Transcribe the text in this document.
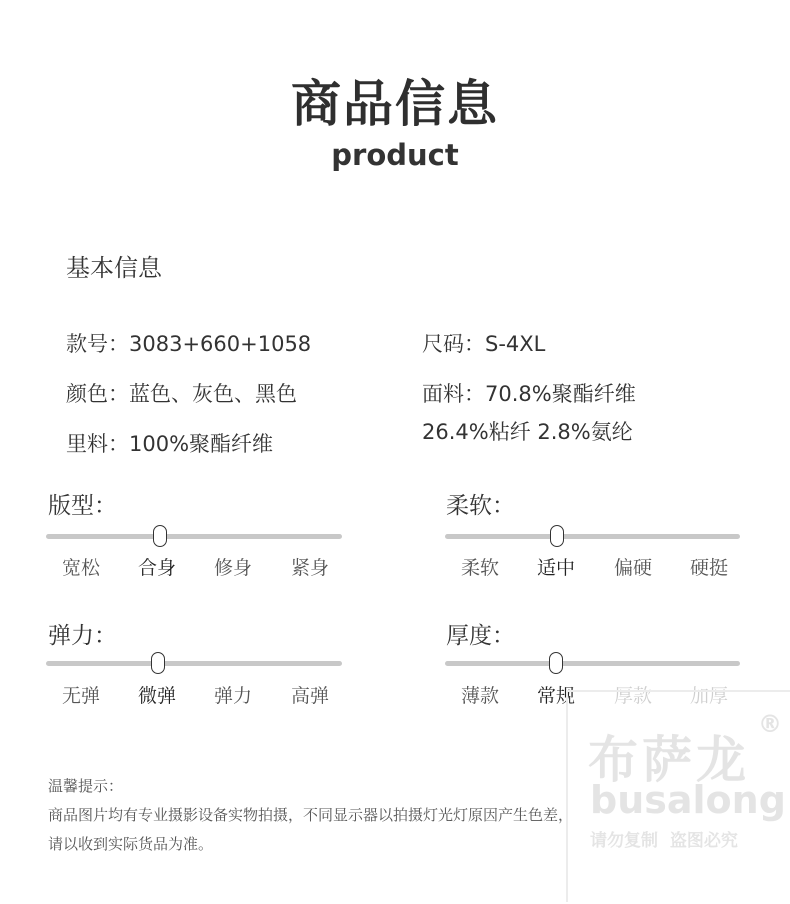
商品信息
product
基本信息
款号：3083+660+1058	尺码：S-4XL
颜色：蓝色、灰色、黑色	面料：70.8%聚酯纤维
26.4%粘纤 2.8%氨纶
里料：100%聚酯纤维
版型：
宽松	合身	修身	紧身
柔软：
柔软	适中	偏硬	硬挺
弹力：
无弹	微弹	弹力	高弹
厚度：
薄款	常规	厚款	加厚
温馨提示：
商品图片均有专业摄影设备实物拍摄，不同显示器以拍摄灯光灯原因产生色差，
请以收到实际货品为准。
布萨龙
®
busalong
请勿复制  盗图必究
